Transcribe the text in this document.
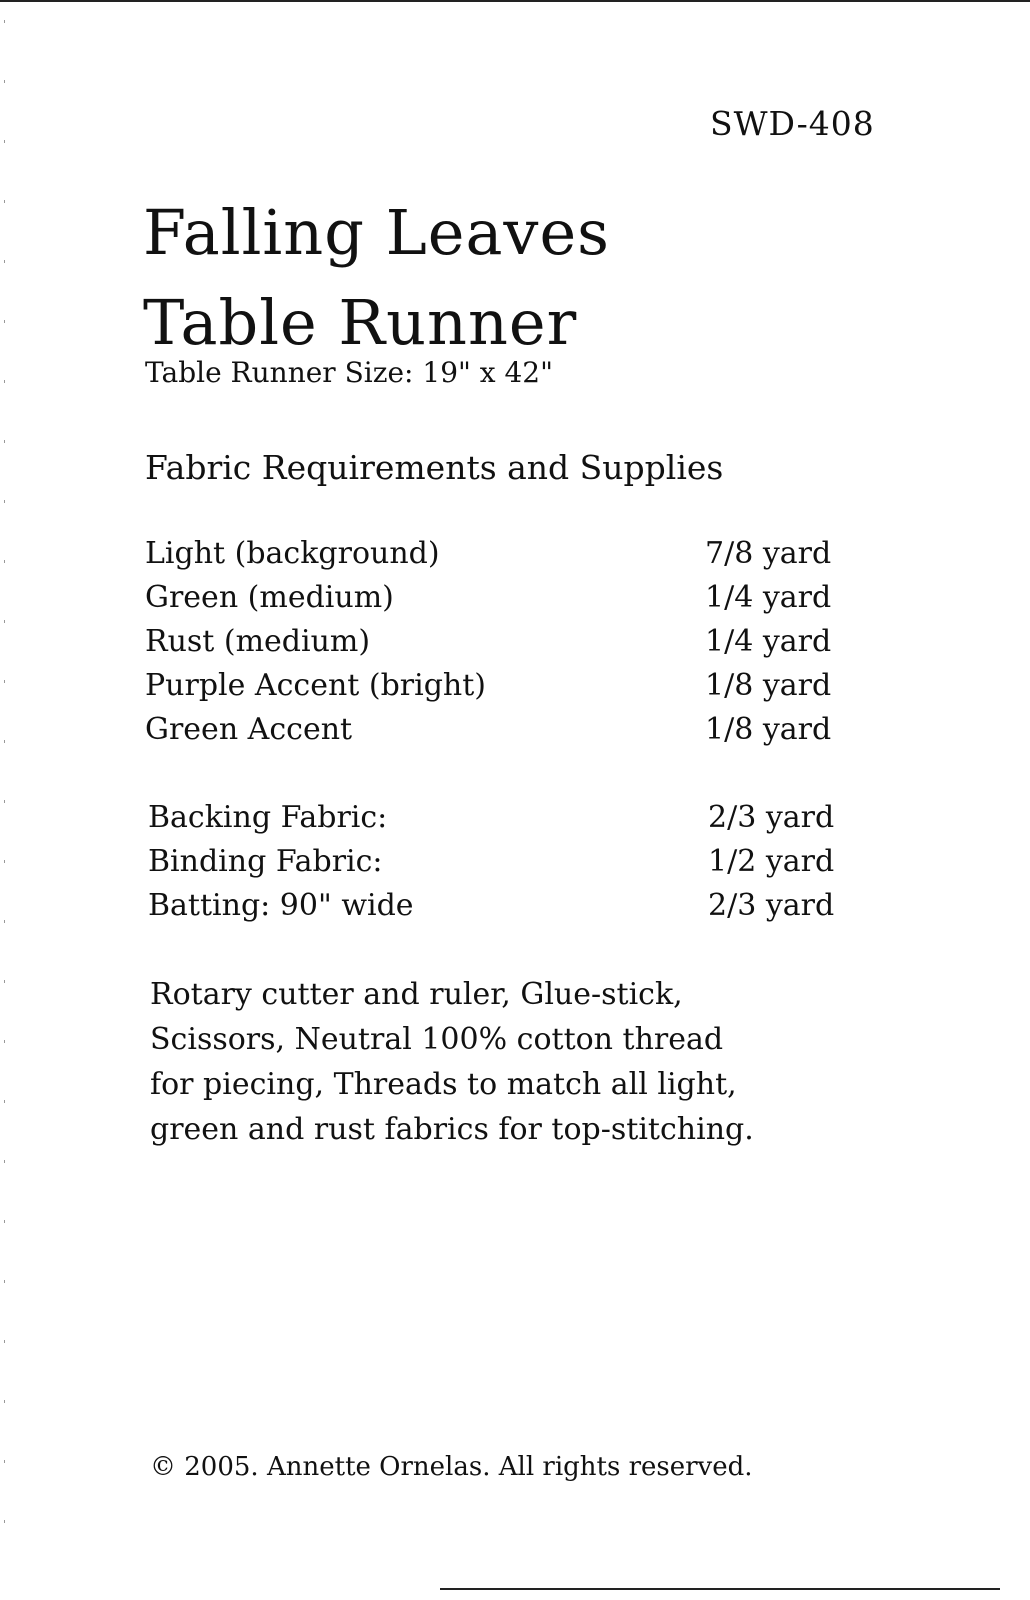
SWD-408
Falling Leaves
Table Runner
Table Runner Size: 19" x 42"
Fabric Requirements and Supplies
Light (background)	7/8 yard
Green (medium)	1/4 yard
Rust (medium)	1/4 yard
Purple Accent (bright)	1/8 yard
Green Accent	1/8 yard
Backing Fabric:	2/3 yard
Binding Fabric:	1/2 yard
Batting: 90" wide	2/3 yard
Rotary cutter and ruler, Glue-stick,
Scissors, Neutral 100% cotton thread
for piecing, Threads to match all light,
green and rust fabrics for top-stitching.
© 2005. Annette Ornelas. All rights reserved.
